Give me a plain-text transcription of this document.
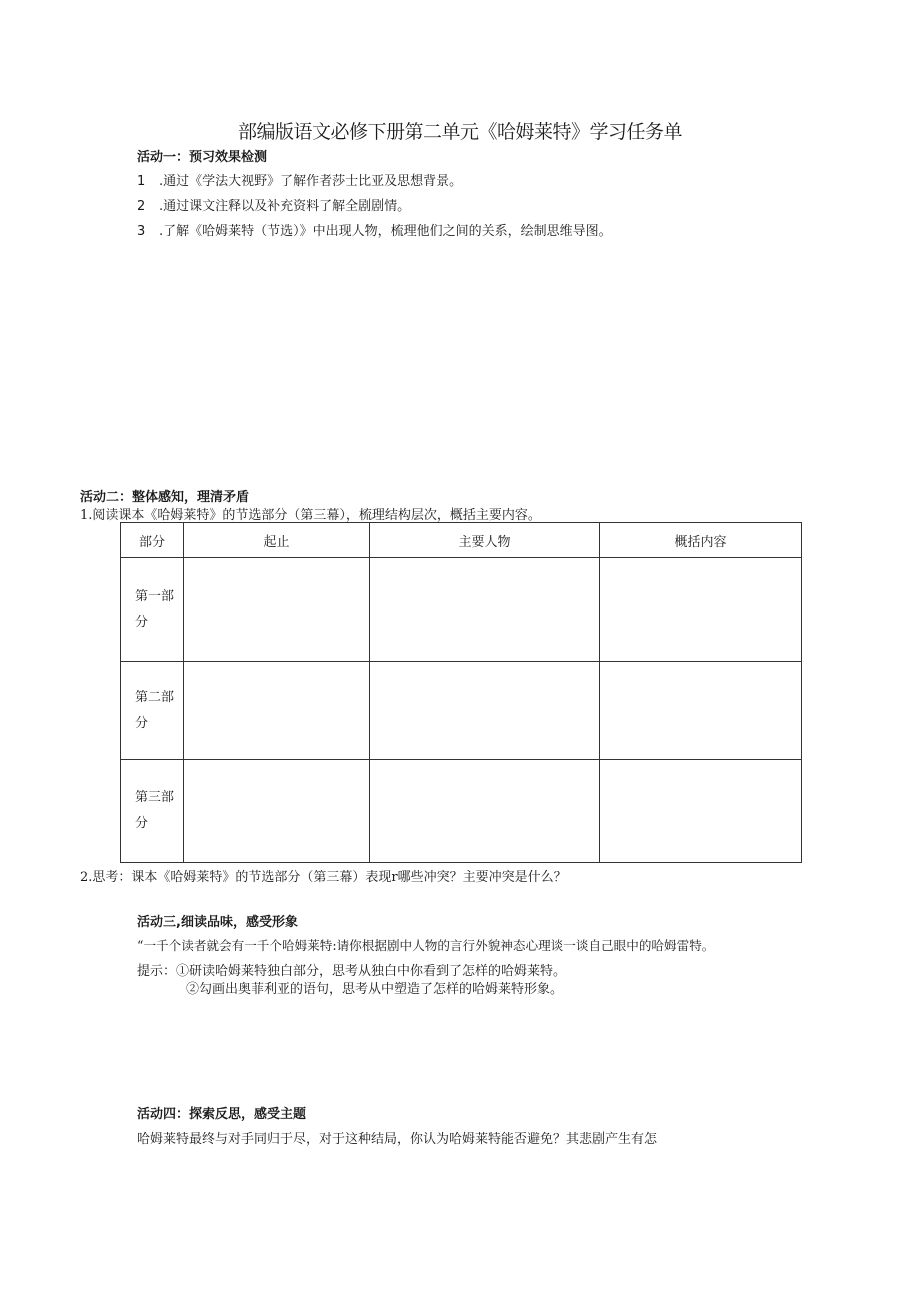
部编版语文必修下册第二单元《哈姆莱特》学习任务单
活动一：预习效果检测
1 .通过《学法大视野》了解作者莎士比亚及思想背景。
2 .通过课文注释以及补充资料了解全剧剧情。
3 .了解《哈姆莱特（节选）》中出现人物，梳理他们之间的关系，绘制思维导图。
活动二：整体感知，理清矛盾
1.阅读课本《哈姆莱特》的节选部分（第三幕），梳理结构层次，概括主要内容。
部分	起止	主要人物	概括内容
第一部分			
第二部分			
第三部分			
2.思考：课本《哈姆莱特》的节选部分（第三幕）表现r哪些冲突？主要冲突是什么？
活动三,细读品味，感受形象
“一千个读者就会有一千个哈姆莱特:请你根据剧中人物的言行外貌神态心理谈一谈自己眼中的哈姆雷特。
提示：①研读哈姆莱特独白部分，思考从独白中你看到了怎样的哈姆莱特。
②勾画出奥菲利亚的语句，思考从中塑造了怎样的哈姆莱特形象。
活动四：探索反思，感受主题
哈姆莱特最终与对手同归于尽，对于这种结局，你认为哈姆莱特能否避免？其悲剧产生有怎
